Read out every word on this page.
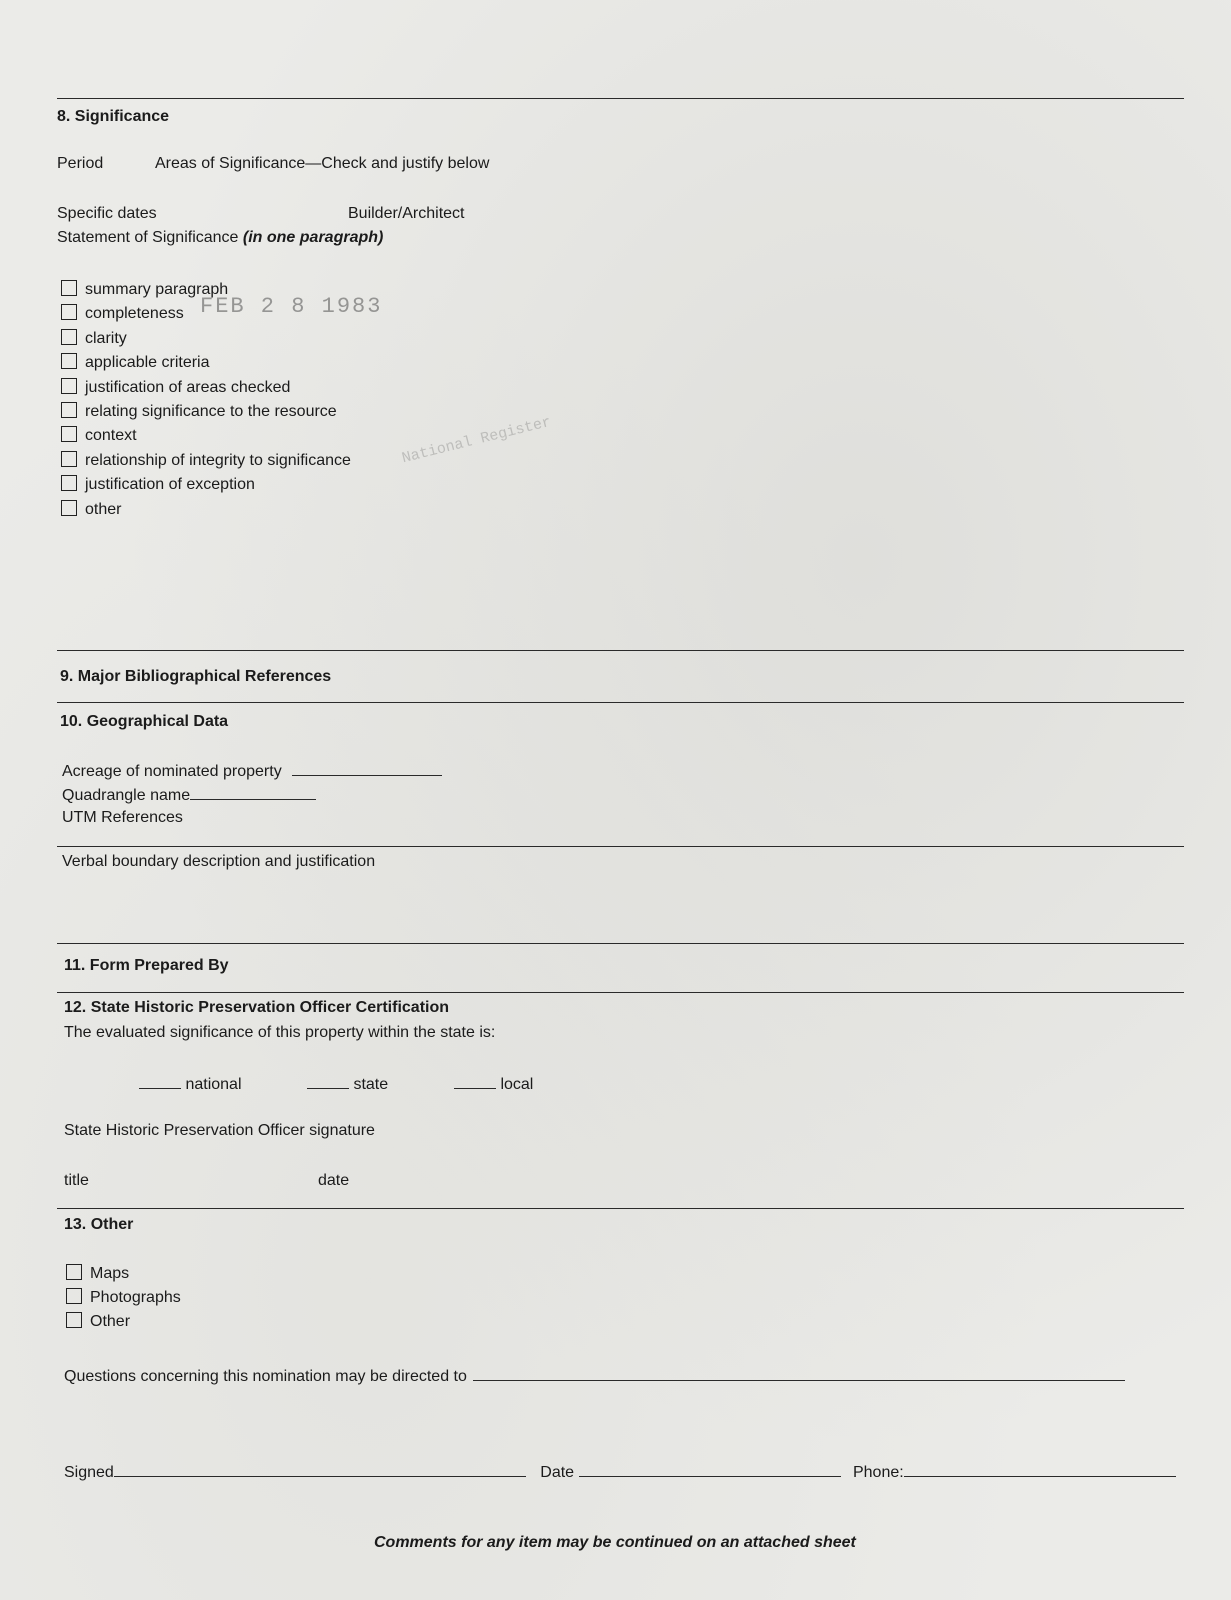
National Register
8. Significance
Period	Areas of Significance—Check and justify below
Specific dates	Builder/Architect
Statement of Significance (in one paragraph)
summary paragraph
completeness
clarity
applicable criteria
justification of areas checked
relating significance to the resource
context
relationship of integrity to significance
justification of exception
other
FEB 2 8 1983
9. Major Bibliographical References
10. Geographical Data
Acreage of nominated property
Quadrangle name
UTM References
Verbal boundary description and justification
11. Form Prepared By
12. State Historic Preservation Officer Certification
The evaluated significance of this property within the state is:
national	state	local
State Historic Preservation Officer signature
title	date
13. Other
Maps
Photographs
Other
Questions concerning this nomination may be directed to
Signed	Date	Phone:
Comments for any item may be continued on an attached sheet
